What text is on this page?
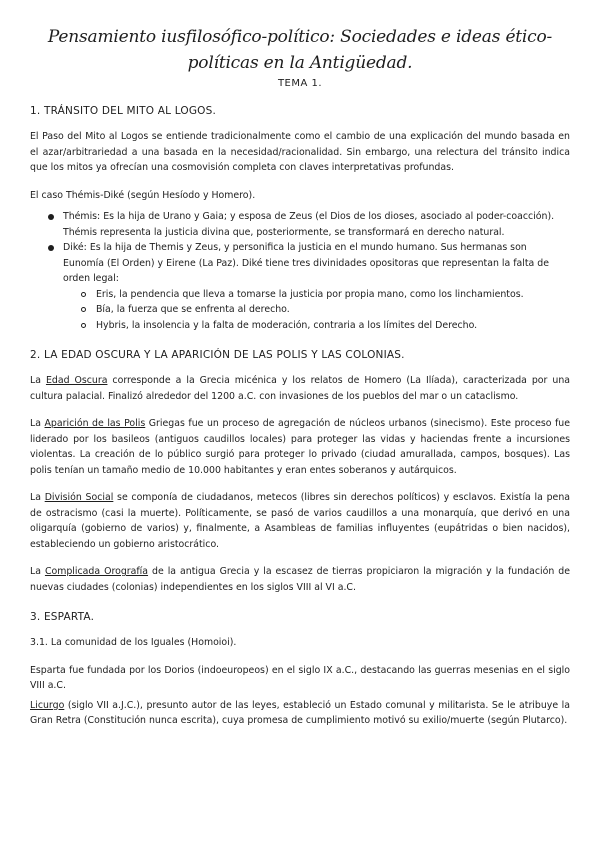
Pensamiento iusfilosófico-político: Sociedades e ideas ético-políticas en la Antigüedad.
TEMA 1.
1. TRÁNSITO DEL MITO AL LOGOS.

El Paso del Mito al Logos se entiende tradicionalmente como el cambio de una explicación del mundo basada en el azar/arbitrariedad a una basada en la necesidad/racionalidad. Sin embargo, una relectura del tránsito indica que los mitos ya ofrecían una cosmovisión completa con claves interpretativas profundas.

El caso Thémis-Diké (según Hesíodo y Homero).

Thémis: Es la hija de Urano y Gaia; y esposa de Zeus (el Dios de los dioses, asociado al poder-coacción). Thémis representa la justicia divina que, posteriormente, se transformará en derecho natural.
Diké: Es la hija de Themis y Zeus, y personifica la justicia en el mundo humano. Sus hermanas son Eunomía (El Orden) y Eirene (La Paz). Diké tiene tres divinidades opositoras que representan la falta de orden legal:
Eris, la pendencia que lleva a tomarse la justicia por propia mano, como los linchamientos.
Bía, la fuerza que se enfrenta al derecho.
Hybris, la insolencia y la falta de moderación, contraria a los límites del Derecho.
2. LA EDAD OSCURA Y LA APARICIÓN DE LAS POLIS Y LAS COLONIAS.

La Edad Oscura corresponde a la Grecia micénica y los relatos de Homero (La Ilíada), caracterizada por una cultura palacial. Finalizó alrededor del 1200 a.C. con invasiones de los pueblos del mar o un cataclismo.

La Aparición de las Polis Griegas fue un proceso de agregación de núcleos urbanos (sinecismo). Este proceso fue liderado por los basileos (antiguos caudillos locales) para proteger las vidas y haciendas frente a incursiones violentas. La creación de lo público surgió para proteger lo privado (ciudad amurallada, campos, bosques). Las polis tenían un tamaño medio de 10.000 habitantes y eran entes soberanos y autárquicos.

La División Social se componía de ciudadanos, metecos (libres sin derechos políticos) y esclavos. Existía la pena de ostracismo (casi la muerte). Políticamente, se pasó de varios caudillos a una monarquía, que derivó en una oligarquía (gobierno de varios) y, finalmente, a Asambleas de familias influyentes (eupátridas o bien nacidos), estableciendo un gobierno aristocrático.

La Complicada Orografía de la antigua Grecia y la escasez de tierras propiciaron la migración y la fundación de nuevas ciudades (colonias) independientes en los siglos VIII al VI a.C.

3. ESPARTA.

3.1. La comunidad de los Iguales (Homoioi).

Esparta fue fundada por los Dorios (indoeuropeos) en el siglo IX a.C., destacando las guerras mesenias en el siglo VIII a.C.

Licurgo (siglo VII a.J.C.), presunto autor de las leyes, estableció un Estado comunal y militarista. Se le atribuye la Gran Retra (Constitución nunca escrita), cuya promesa de cumplimiento motivó su exilio/muerte (según Plutarco).
